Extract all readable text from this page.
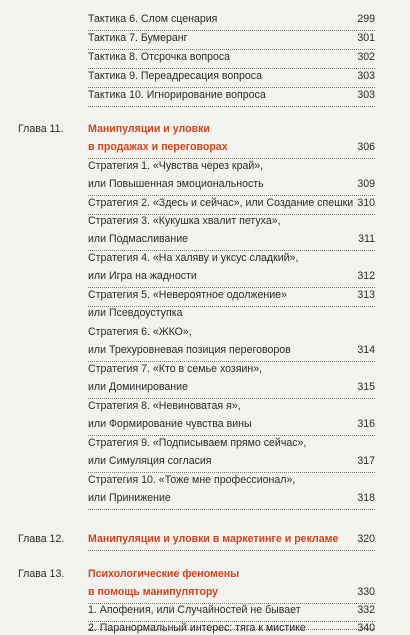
Тактика 6. Слом сценария	299
Тактика 7. Бумеранг	301
Тактика 8. Отсрочка вопроса	302
Тактика 9. Переадресация вопроса	303
Тактика 10. Игнорирование вопроса	303
Глава 11. Манипуляции и уловки
в продажах и переговорах	306
Стратегия 1. «Чувства через край»,
или Повышенная эмоциональность	309
Стратегия 2. «Здесь и сейчас», или Создание спешки 310
Стратегия 3. «Кукушка хвалит петуха»,
или Подмасливание	311
Стратегия 4. «На халяву и уксус сладкий»,
или Игра на жадности	312
Стратегия 5. «Невероятное одолжение»	313
или Псевдоуступка
Стратегия 6. «ЖКО»,
или Трехуровневая позиция переговоров	314
Стратегия 7. «Кто в семье хозяин»,
или Доминирование	315
Стратегия 8. «Невиноватая я»,
или Формирование чувства вины	316
Стратегия 9. «Подписываем прямо сейчас»,
или Симуляция согласия	317
Стратегия 10. «Тоже мне профессионал»,
или Принижение	318
Глава 12. Манипуляции и уловки в маркетинге и рекламе 320
Глава 13. Психологические феномены
в помощь манипулятору	330
1. Апофения, или Случайностей не бывает	332
2. Паранормальный интерес: тяга к мистике	340
